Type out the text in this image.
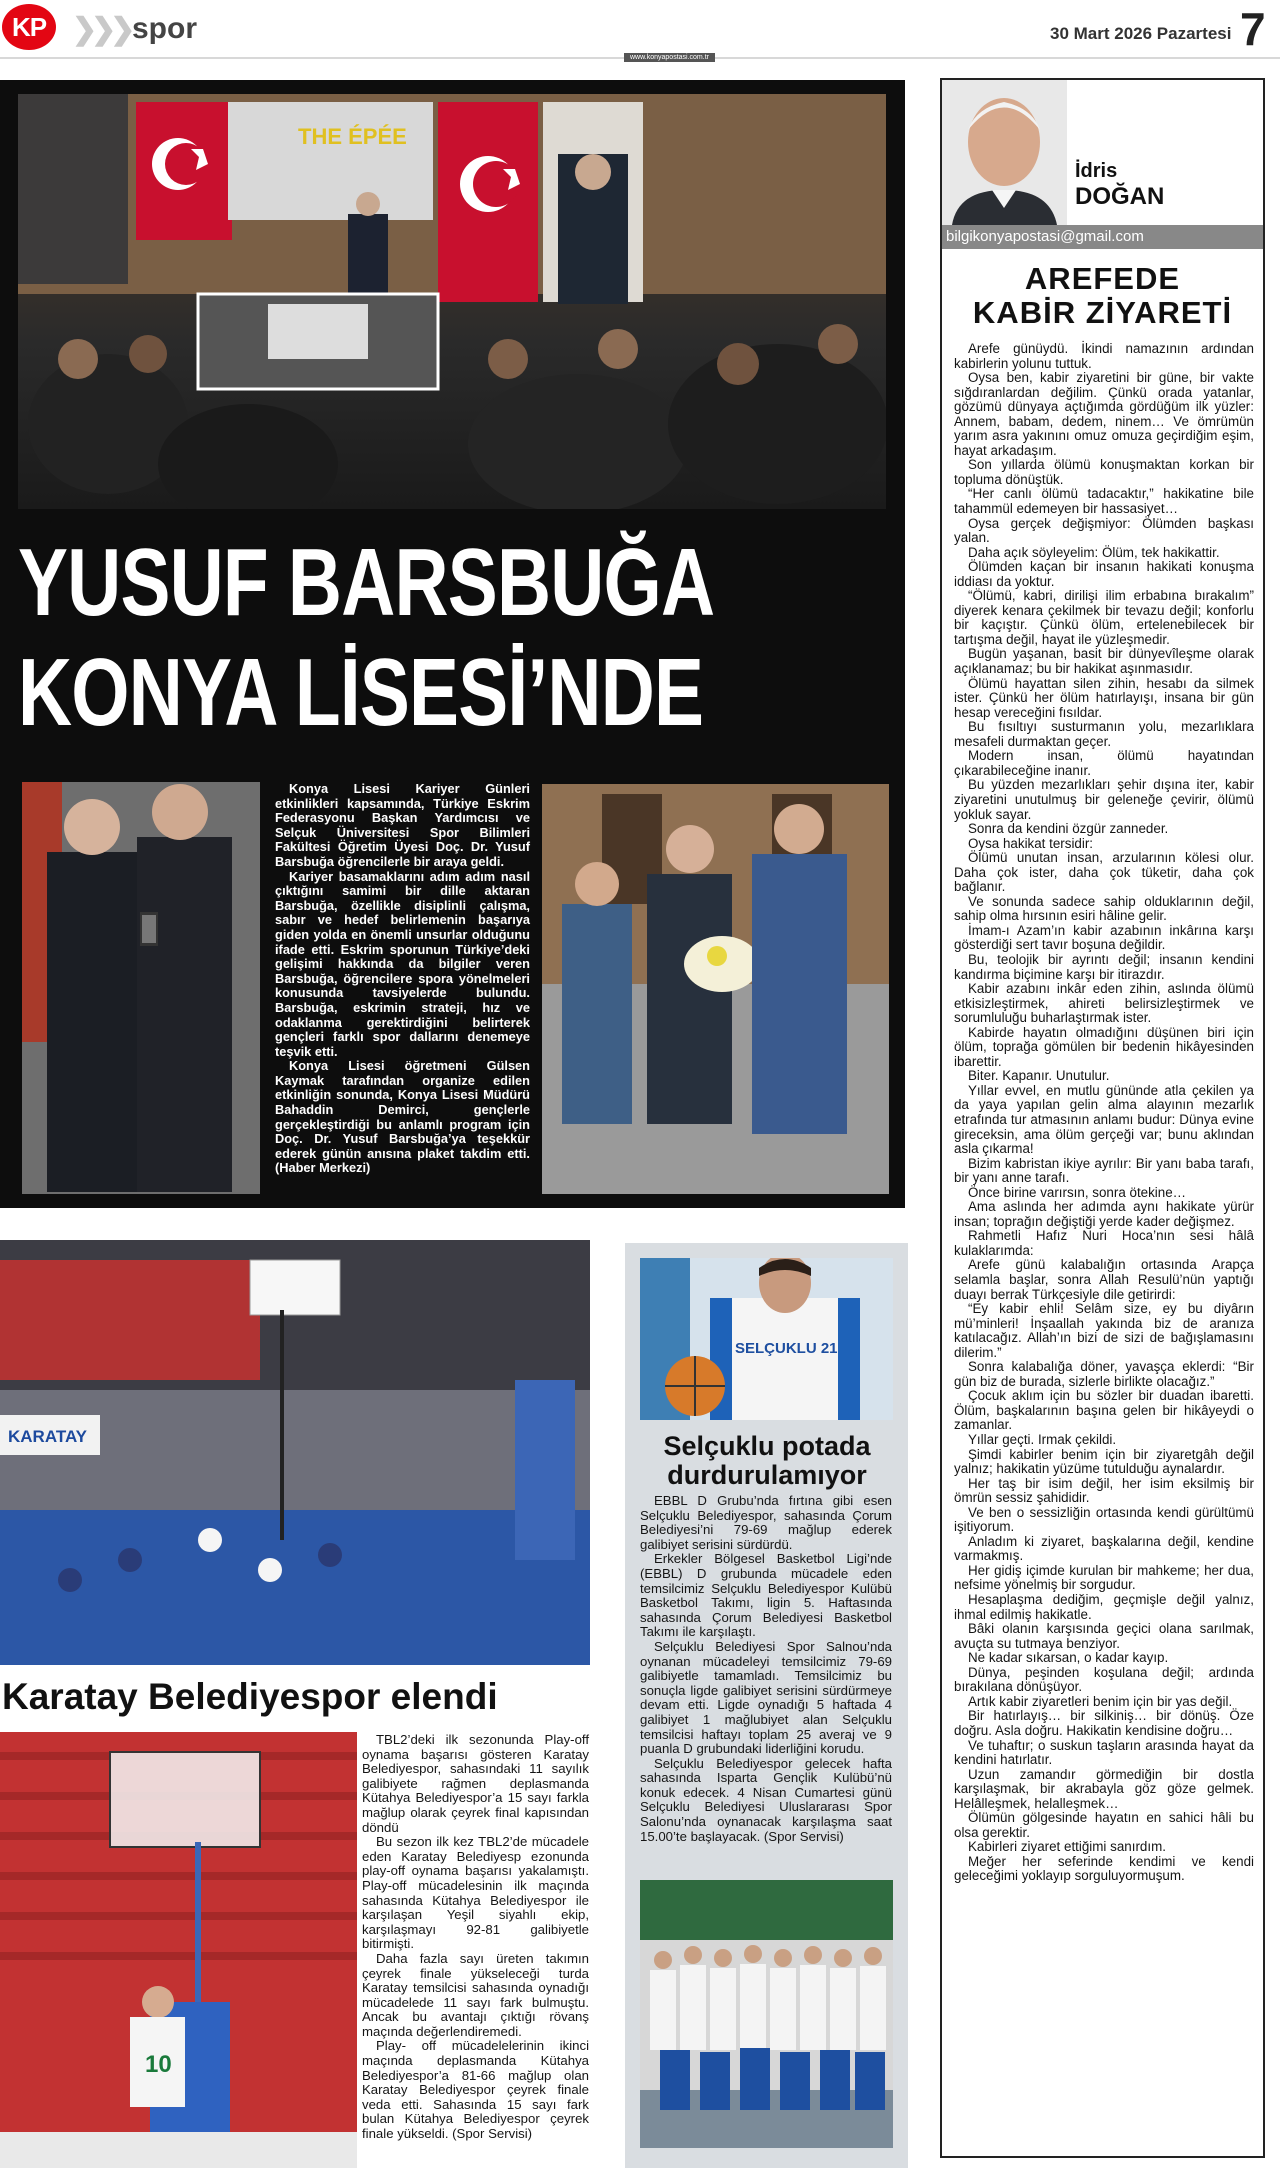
KP ❯❯❯ spor	30 Mart 2026 Pazartesi 7
www.konyapostasi.com.tr
THE ÉPÉE
YUSUF BARSBUĞA
KONYA LİSESİ’NDE

Konya Lisesi Kariyer Günleri etkinlikleri kapsamında, Türkiye Eskrim Federasyonu Başkan Yardımcısı ve Selçuk Üniversitesi Spor Bilimleri Fakültesi Öğretim Üyesi Doç. Dr. Yusuf Barsbuğa öğrencilerle bir araya geldi.

Kariyer basamaklarını adım adım nasıl çıktığını samimi bir dille aktaran Barsbuğa, özellikle disiplinli çalışma, sabır ve hedef belirlemenin başarıya giden yolda en önemli unsurlar olduğunu ifade etti. Eskrim sporunun Türkiye’deki gelişimi hakkında da bilgiler veren Barsbuğa, öğrencilere spora yönelmeleri konusunda tavsiyelerde bulundu. Barsbuğa, eskrimin strateji, hız ve odaklanma gerektirdiğini belirterek gençleri farklı spor dallarını denemeye teşvik etti.

Konya Lisesi öğretmeni Gülsen Kaymak tarafından organize edilen etkinliğin sonunda, Konya Lisesi Müdürü Bahaddin Demirci, gençlerle gerçekleştirdiği bu anlamlı program için Doç. Dr. Yusuf Barsbuğa’ya teşekkür ederek günün anısına plaket takdim etti. (Haber Merkezi)

İdris
DOĞAN
bilgikonyapostasi@gmail.com
AREFEDE
KABİR ZİYARETİ

Arefe günüydü. İkindi namazının ardından kabirlerin yolunu tuttuk.

Oysa ben, kabir ziyaretini bir güne, bir vakte sığdıranlardan değilim. Çünkü orada yatanlar, gözümü dünyaya açtığımda gördüğüm ilk yüzler: Annem, babam, dedem, ninem… Ve ömrümün yarım asra yakınını omuz omuza geçirdiğim eşim, hayat arkadaşım.

Son yıllarda ölümü konuşmaktan korkan bir topluma dönüştük.

“Her canlı ölümü tadacaktır,” hakikatine bile tahammül edemeyen bir hassasiyet…

Oysa gerçek değişmiyor: Ölümden başkası yalan.

Daha açık söyleyelim: Ölüm, tek hakikattir.

Ölümden kaçan bir insanın hakikati konuşma iddiası da yoktur.

“Ölümü, kabri, dirilişi ilim erbabına bırakalım” diyerek kenara çekilmek bir tevazu değil; konforlu bir kaçıştır. Çünkü ölüm, ertelenebilecek bir tartışma değil, hayat ile yüzleşmedir.

Bugün yaşanan, basit bir dünyevîleşme olarak açıklanamaz; bu bir hakikat aşınmasıdır.

Ölümü hayattan silen zihin, hesabı da silmek ister. Çünkü her ölüm hatırlayışı, insana bir gün hesap vereceğini fısıldar.

Bu fısıltıyı susturmanın yolu, mezarlıklara mesafeli durmaktan geçer.

Modern insan, ölümü hayatından çıkarabileceğine inanır.

Bu yüzden mezarlıkları şehir dışına iter, kabir ziyaretini unutulmuş bir geleneğe çevirir, ölümü yokluk sayar.

Sonra da kendini özgür zanneder.

Oysa hakikat tersidir:

Ölümü unutan insan, arzularının kölesi olur. Daha çok ister, daha çok tüketir, daha çok bağlanır.

Ve sonunda sadece sahip olduklarının değil, sahip olma hırsının esiri hâline gelir.

İmam-ı Azam’ın kabir azabının inkârına karşı gösterdiği sert tavır boşuna değildir.

Bu, teolojik bir ayrıntı değil; insanın kendini kandırma biçimine karşı bir itirazdır.

Kabir azabını inkâr eden zihin, aslında ölümü etkisizleştirmek, ahireti belirsizleştirmek ve sorumluluğu buharlaştırmak ister.

Kabirde hayatın olmadığını düşünen biri için ölüm, toprağa gömülen bir bedenin hikâyesinden ibarettir.

Biter. Kapanır. Unutulur.

Yıllar evvel, en mutlu gününde atla çekilen ya da yaya yapılan gelin alma alayının mezarlık etrafında tur atmasının anlamı budur: Dünya evine gireceksin, ama ölüm gerçeği var; bunu aklından asla çıkarma!

Bizim kabristan ikiye ayrılır: Bir yanı baba tarafı, bir yanı anne tarafı.

Önce birine varırsın, sonra ötekine…

Ama aslında her adımda aynı hakikate yürür insan; toprağın değiştiği yerde kader değişmez.

Rahmetli Hafız Nuri Hoca’nın sesi hâlâ kulaklarımda:

Arefe günü kalabalığın ortasında Arapça selamla başlar, sonra Allah Resulü’nün yaptığı duayı berrak Türkçesiyle dile getirirdi:

“Ey kabir ehli! Selâm size, ey bu diyârın mü’minleri! İnşaallah yakında biz de aranıza katılacağız. Allah’ın bizi de sizi de bağışlamasını dilerim.”

Sonra kalabalığa döner, yavaşça eklerdi: “Bir gün biz de burada, sizlerle birlikte olacağız.”

Çocuk aklım için bu sözler bir duadan ibaretti. Ölüm, başkalarının başına gelen bir hikâyeydi o zamanlar.

Yıllar geçti. Irmak çekildi.

Şimdi kabirler benim için bir ziyaretgâh değil yalnız; hakikatin yüzüme tutulduğu aynalardır.

Her taş bir isim değil, her isim eksilmiş bir ömrün sessiz şahididir.

Ve ben o sessizliğin ortasında kendi gürültümü işitiyorum.

Anladım ki ziyaret, başkalarına değil, kendine varmakmış.

Her gidiş içimde kurulan bir mahkeme; her dua, nefsime yönelmiş bir sorgudur.

Hesaplaşma dediğim, geçmişle değil yalnız, ihmal edilmiş hakikatle.

Bâki olanın karşısında geçici olana sarılmak, avuçta su tutmaya benziyor.

Ne kadar sıkarsan, o kadar kayıp.

Dünya, peşinden koşulana değil; ardında bırakılana dönüşüyor.

Artık kabir ziyaretleri benim için bir yas değil.

Bir hatırlayış… bir silkiniş… bir dönüş. Öze doğru. Asla doğru. Hakikatin kendisine doğru…

Ve tuhaftır; o suskun taşların arasında hayat da kendini hatırlatır.

Uzun zamandır görmediğin bir dostla karşılaşmak, bir akrabayla göz göze gelmek. Helâlleşmek, helalleşmek…

Ölümün gölgesinde hayatın en sahici hâli bu olsa gerektir.

Kabirleri ziyaret ettiğimi sanırdım.

Meğer her seferinde kendimi ve kendi geleceğimi yoklayıp sorguluyormuşum.

KARATAY
Karatay Belediyespor elendi
10

TBL2’deki ilk sezonunda Play-off oynama başarısı gösteren Karatay Belediyespor, sahasındaki 11 sayılık galibiyete rağmen deplasmanda Kütahya Belediyespor’a 15 sayı farkla mağlup olarak çeyrek final kapısından döndü

Bu sezon ilk kez TBL2’de mücadele eden Karatay Belediyesp ezonunda play-off oynama başarısı yakalamıştı. Play-off mücadelesinin ilk maçında sahasında Kütahya Belediyespor ile karşılaşan Yeşil siyahlı ekip, karşılaşmayı 92-81 galibiyetle bitirmişti.

Daha fazla sayı üreten takımın çeyrek finale yükseleceği turda Karatay temsilcisi sahasında oynadığı mücadelede 11 sayı fark bulmuştu. Ancak bu avantajı çıktığı rövanş maçında değerlendiremedi.

Play- off mücadelelerinin ikinci maçında deplasmanda Kütahya Belediyespor’a 81-66 mağlup olan Karatay Belediyespor çeyrek finale veda etti. Sahasında 15 sayı fark bulan Kütahya Belediyespor çeyrek finale yükseldi. (Spor Servisi)

SELÇUKLU 21
Selçuklu potada durdurulamıyor

EBBL D Grubu’nda fırtına gibi esen Selçuklu Belediyespor, sahasında Çorum Belediyesi’ni 79-69 mağlup ederek galibiyet serisini sürdürdü.

Erkekler Bölgesel Basketbol Ligi’nde (EBBL) D grubunda mücadele eden temsilcimiz Selçuklu Belediyespor Kulübü Basketbol Takımı, ligin 5. Haftasında sahasında Çorum Belediyesi Basketbol Takımı ile karşılaştı.

Selçuklu Belediyesi Spor Salnou’nda oynanan mücadeleyi temsilcimiz 79-69 galibiyetle tamamladı. Temsilcimiz bu sonuçla ligde galibiyet serisini sürdürmeye devam etti. Ligde oynadığı 5 haftada 4 galibiyet 1 mağlubiyet alan Selçuklu temsilcisi haftayı toplam 25 averaj ve 9 puanla D grubundaki liderliğini korudu.

Selçuklu Belediyespor gelecek hafta sahasında Isparta Gençlik Kulübü’nü konuk edecek. 4 Nisan Cumartesi günü Selçuklu Belediyesi Uluslararası Spor Salonu’nda oynanacak karşılaşma saat 15.00’te başlayacak. (Spor Servisi)
